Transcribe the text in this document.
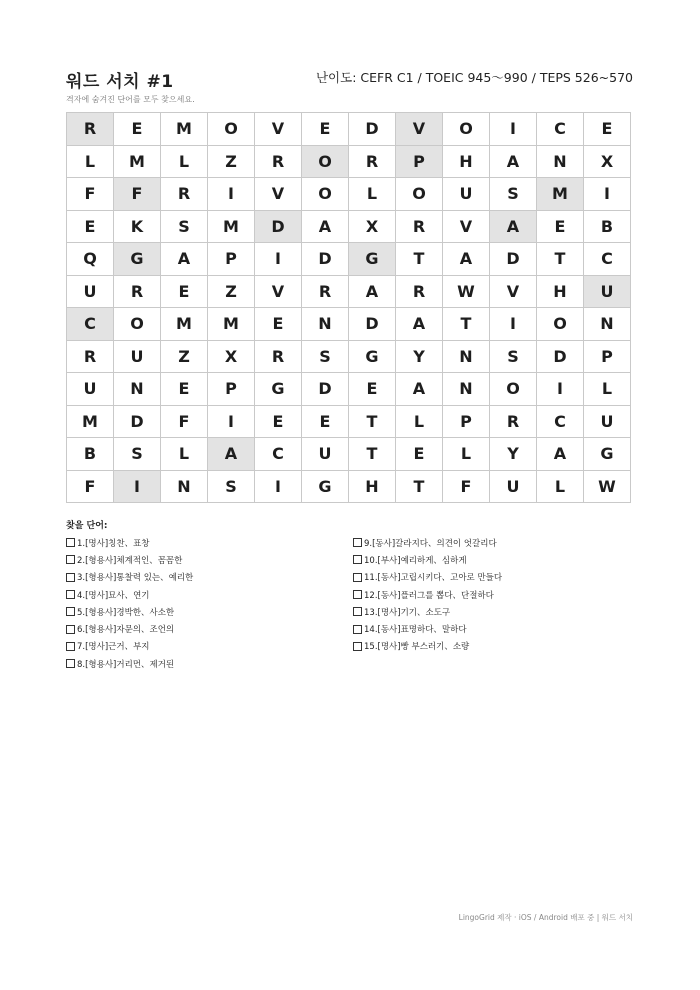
워드 서치 #1	난이도: CEFR C1 / TOEIC 945～990 / TEPS 526~570
격자에 숨겨진 단어를 모두 찾으세요.
R	E	M	O	V	E	D	V	O	I	C	E
L	M	L	Z	R	O	R	P	H	A	N	X
F	F	R	I	V	O	L	O	U	S	M	I
E	K	S	M	D	A	X	R	V	A	E	B
Q	G	A	P	I	D	G	T	A	D	T	C
U	R	E	Z	V	R	A	R	W	V	H	U
C	O	M	M	E	N	D	A	T	I	O	N
R	U	Z	X	R	S	G	Y	N	S	D	P
U	N	E	P	G	D	E	A	N	O	I	L
M	D	F	I	E	E	T	L	P	R	C	U
B	S	L	A	C	U	T	E	L	Y	A	G
F	I	N	S	I	G	H	T	F	U	L	W
찾을 단어:
1.[명사]칭찬、표창
2.[형용사]체계적인、꼼꼼한
3.[형용사]통찰력 있는、예리한
4.[명사]묘사、연기
5.[형용사]경박한、사소한
6.[형용사]자문의、조언의
7.[명사]근거、부지
8.[형용사]거리먼、제거된
9.[동사]갈라지다、의견이 엇갈리다
10.[부사]예리하게、심하게
11.[동사]고립시키다、고아로 만들다
12.[동사]플러그를 뽑다、단절하다
13.[명사]기기、소도구
14.[동사]표명하다、말하다
15.[명사]빵 부스러기、소량
LingoGrid 제작 · iOS / Android 배포 중 | 워드 서치
